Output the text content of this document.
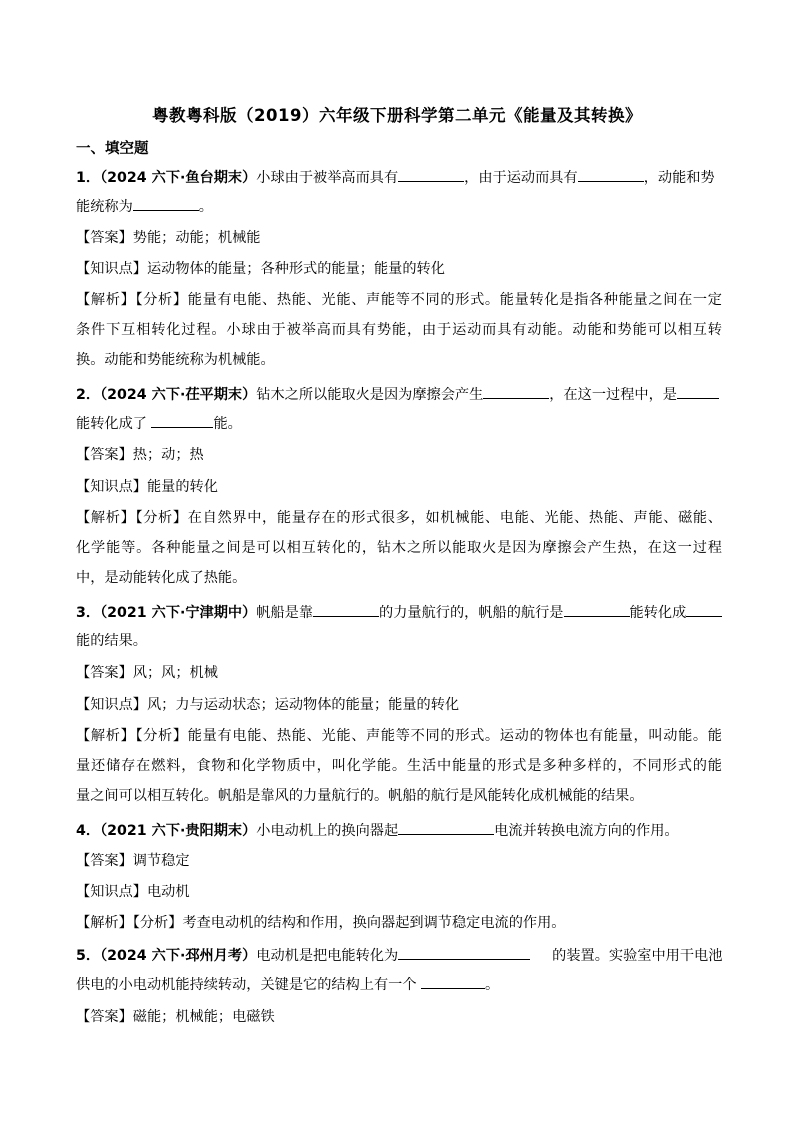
粤教粤科版（2019）六年级下册科学第二单元《能量及其转换》
一、填空题
1．（2024 六下·鱼台期末）小球由于被举高而具有	，由于运动而具有	，动能和势
能统称为	。
【答案】势能；动能；机械能
【知识点】运动物体的能量；各种形式的能量；能量的转化
【解析】【分析】能量有电能、热能、光能、声能等不同的形式。能量转化是指各种能量之间在一定
条件下互相转化过程。小球由于被举高而具有势能，由于运动而具有动能。动能和势能可以相互转
换。动能和势能统称为机械能。
2．（2024 六下·茌平期末）钻木之所以能取火是因为摩擦会产生	，在这一过程中，是
能转化成了	能。
【答案】热；动；热
【知识点】能量的转化
【解析】【分析】在自然界中，能量存在的形式很多，如机械能、电能、光能、热能、声能、磁能、
化学能等。各种能量之间是可以相互转化的，钻木之所以能取火是因为摩擦会产生热，在这一过程
中，是动能转化成了热能。
3．（2021 六下·宁津期中）帆船是靠	的力量航行的，帆船的航行是	能转化成
能的结果。
【答案】风；风；机械
【知识点】风；力与运动状态；运动物体的能量；能量的转化
【解析】【分析】能量有电能、热能、光能、声能等不同的形式。运动的物体也有能量，叫动能。能
量还储存在燃料，食物和化学物质中，叫化学能。生活中能量的形式是多种多样的，不同形式的能
量之间可以相互转化。帆船是靠风的力量航行的。帆船的航行是风能转化成机械能的结果。
4．（2021 六下·贵阳期末）小电动机上的换向器起	电流并转换电流方向的作用。
【答案】调节稳定
【知识点】电动机
【解析】【分析】考查电动机的结构和作用，换向器起到调节稳定电流的作用。
5．（2024 六下·邳州月考）电动机是把电能转化为	的装置。实验室中用干电池
供电的小电动机能持续转动，关键是它的结构上有一个	。
【答案】磁能；机械能；电磁铁
